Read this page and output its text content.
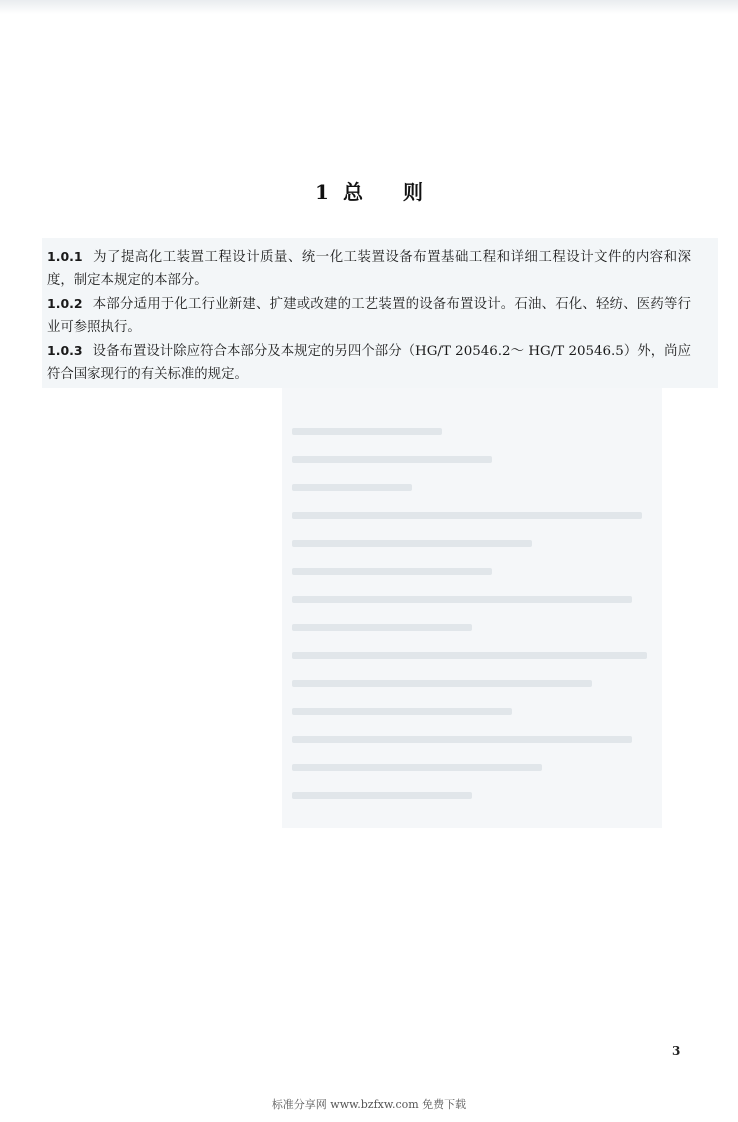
1 总 则

1.0.1 为了提高化工装置工程设计质量、统一化工装置设备布置基础工程和详细工程设计文件的内容和深度，制定本规定的本部分。

1.0.2 本部分适用于化工行业新建、扩建或改建的工艺装置的设备布置设计。石油、石化、轻纺、医药等行业可参照执行。

1.0.3 设备布置设计除应符合本部分及本规定的另四个部分（HG/T 20546.2～ HG/T 20546.5）外，尚应符合国家现行的有关标准的规定。

3
标准分享网 www.bzfxw.com 免费下载
